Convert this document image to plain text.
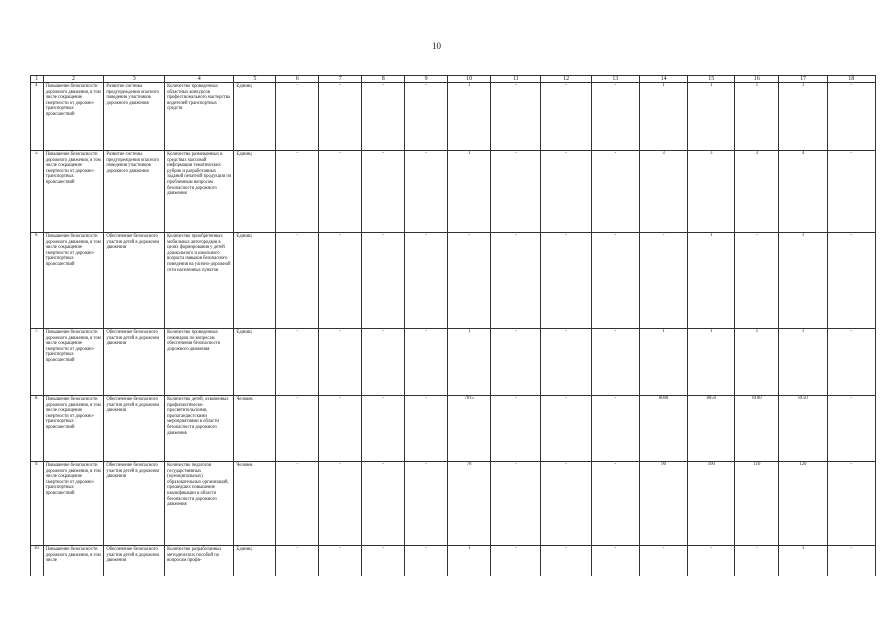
10
1	2	3	4	5	6	7	8	9	10	11	12	13	14	15	16	17	18
4.	Повышение безопасности дорожного движения, в том числе сокращение смертности от дорожно-транспортных происшествий	Развитие системы предупреждения опасного поведения участников дорожного движения	Количество проведенных областных конкурсов профессионального мастерства водителей транспортных средств	Единиц	-	-	-	-	1	-	-	-	1	1	1	1	-
5.	Повышение безопасности дорожного движения, в том числе сокращение смертности от дорожно-транспортных происшествий	Развитие системы предупреждения опасного поведения участников дорожного движения	Количество размещенных в средствах массовой информации тематических рубрик и разработанных заданий печатной продукции по проблемным вопросам безопасности дорожного движения	Единиц	-	-	-	-	1	-	-	-	3	3	3	4	-
6.	Повышение безопасности дорожного движения, в том числе сокращение смертности от дорожно-транспортных происшествий	Обеспечение безопасного участия детей в дорожном движении	Количество приобретенных мобильных автогородков в целях формирования у детей дошкольного и школьного возраста навыков безопасного поведения на улично-дорожной сети населенных пунктов	Единиц	-	-	-	-	-	-	-	-	-	1	-	1	-
7.	Повышение безопасности дорожного движения, в том числе сокращение смертности от дорожно-транспортных происшествий	Обеспечение безопасного участия детей в дорожном движении	Количество проведенных семинаров по вопросам обеспечения безопасности дорожного движения	Единиц	-	-	-	-	1	-	-	-	1	1	1	1	-
8.	Повышение безопасности дорожного движения, в том числе сокращение смертности от дорожно-транспортных происшествий	Обеспечение безопасного участия детей в дорожном движении	Количество детей, охваченных профилактическо-просветительскими, пропагандистскими мероприятиями в области безопасности дорожного движения	Человек	-	-	-	-	7815	-	-	-	8000	8050	8100	8150	-
9.	Повышение безопасности дорожного движения, в том числе сокращение смертности от дорожно-транспортных происшествий	Обеспечение безопасного участия детей в дорожном движении	Количество педагогов государственных (муниципальных) образовательных организаций, прошедших повышение квалификации в области безопасности дорожного движения	Человек	-	-	-	-	78	-	-	-	90	100	110	120	-
10.	Повышение безопасности дорожного движения, в том числе	Обеспечение безопасного участия детей в дорожном движении	Количество разработанных методических пособий по вопросам профи-	Единиц	-	-	-	-	1	-	-	-	-	-	-	1	-
